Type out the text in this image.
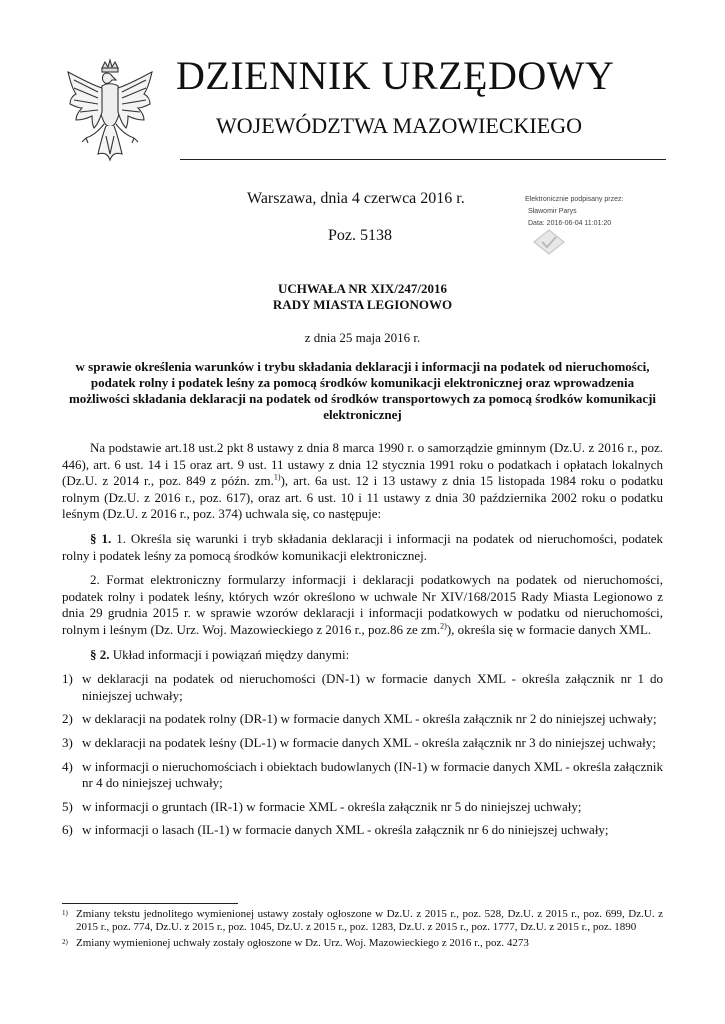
DZIENNIK URZĘDOWY
WOJEWÓDZTWA MAZOWIECKIEGO
Warszawa, dnia 4 czerwca 2016 r.
Poz. 5138
Elektronicznie podpisany przez:
Sławomir Parys
Data: 2016-06-04 11:01:20
UCHWAŁA NR XIX/247/2016
RADY MIASTA LEGIONOWO
z dnia 25 maja 2016 r.
w sprawie określenia warunków i trybu składania deklaracji i informacji na podatek od nieruchomości, podatek rolny i podatek leśny za pomocą środków komunikacji elektronicznej oraz wprowadzenia możliwości składania deklaracji na podatek od środków transportowych za pomocą środków komunikacji elektronicznej

Na podstawie art.18 ust.2 pkt 8 ustawy z dnia 8 marca 1990 r. o samorządzie gminnym (Dz.U. z 2016 r., poz. 446), art. 6 ust. 14 i 15 oraz art. 9 ust. 11 ustawy z dnia 12 stycznia 1991 roku o podatkach i opłatach lokalnych (Dz.U. z 2014 r., poz. 849 z późn. zm.$^{1)}$), art. 6a ust. 12 i 13 ustawy z dnia 15 listopada 1984 roku o podatku rolnym (Dz.U. z 2016 r., poz. 617), oraz art. 6 ust. 10 i 11 ustawy z dnia 30 października 2002 roku o podatku leśnym (Dz.U. z 2016 r., poz. 374) uchwala się, co następuje:

§ 1. 1. Określa się warunki i tryb składania deklaracji i informacji na podatek od nieruchomości, podatek rolny i podatek leśny za pomocą środków komunikacji elektronicznej.

2. Format elektroniczny formularzy informacji i deklaracji podatkowych na podatek od nieruchomości, podatek rolny i podatek leśny, których wzór określono w uchwale Nr XIV/168/2015 Rady Miasta Legionowo z dnia 29 grudnia 2015 r. w sprawie wzorów deklaracji i informacji podatkowych w podatku od nieruchomości, rolnym i leśnym (Dz. Urz. Woj. Mazowieckiego z 2016 r., poz.86 ze zm.$^{2)}$), określa się w formacie danych XML.

§ 2. Układ informacji i powiązań między danymi:

1) w deklaracji na podatek od nieruchomości (DN-1) w formacie danych XML - określa załącznik nr 1 do niniejszej uchwały;
2) w deklaracji na podatek rolny (DR-1) w formacie danych XML - określa załącznik nr 2 do niniejszej uchwały;
3) w deklaracji na podatek leśny (DL-1) w formacie danych XML - określa załącznik nr 3 do niniejszej uchwały;
4) w informacji o nieruchomościach i obiektach budowlanych (IN-1) w formacie danych XML - określa załącznik nr 4 do niniejszej uchwały;
5) w informacji o gruntach (IR-1) w formacie XML - określa załącznik nr 5 do niniejszej uchwały;
6) w informacji o lasach (IL-1) w formacie danych XML - określa załącznik nr 6 do niniejszej uchwały;
1) Zmiany tekstu jednolitego wymienionej ustawy zostały ogłoszone w Dz.U. z 2015 r., poz. 528, Dz.U. z 2015 r., poz. 699, Dz.U. z 2015 r., poz. 774, Dz.U. z 2015 r., poz. 1045, Dz.U. z 2015 r., poz. 1283, Dz.U. z 2015 r., poz. 1777, Dz.U. z 2015 r., poz. 1890
2) Zmiany wymienionej uchwały zostały ogłoszone w Dz. Urz. Woj. Mazowieckiego z 2016 r., poz. 4273
